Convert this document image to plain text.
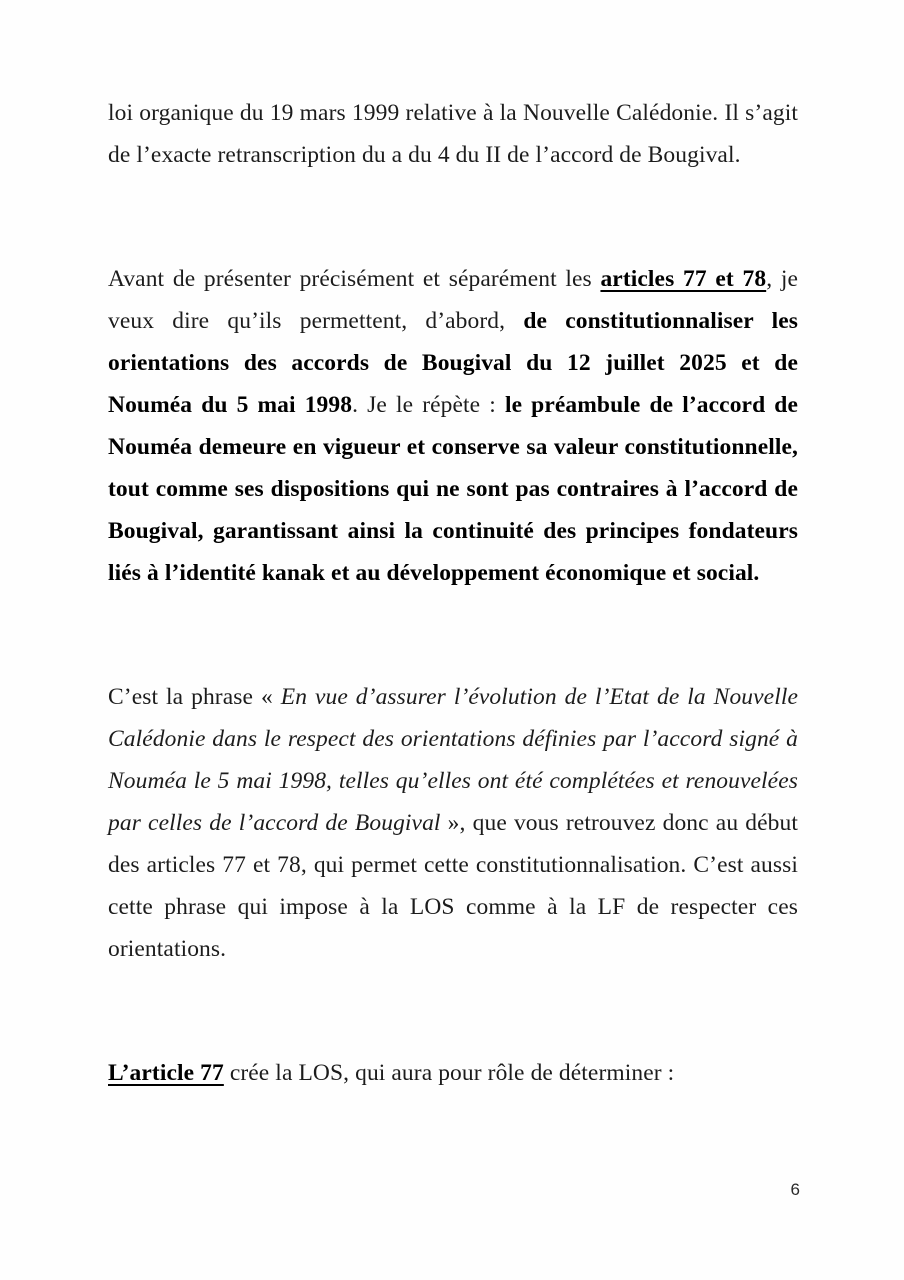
loi organique du 19 mars 1999 relative à la Nouvelle Calédonie. Il s’agit de l’exacte retranscription du a du 4 du II de l’accord de Bougival.

Avant de présenter précisément et séparément les articles 77 et 78, je veux dire qu’ils permettent, d’abord, de constitutionnaliser les orientations des accords de Bougival du 12 juillet 2025 et de Nouméa du 5 mai 1998. Je le répète : le préambule de l’accord de Nouméa demeure en vigueur et conserve sa valeur constitutionnelle, tout comme ses dispositions qui ne sont pas contraires à l’accord de Bougival, garantissant ainsi la continuité des principes fondateurs liés à l’identité kanak et au développement économique et social.

C’est la phrase « En vue d’assurer l’évolution de l’Etat de la Nouvelle Calédonie dans le respect des orientations définies par l’accord signé à Nouméa le 5 mai 1998, telles qu’elles ont été complétées et renouvelées par celles de l’accord de Bougival », que vous retrouvez donc au début des articles 77 et 78, qui permet cette constitutionnalisation. C’est aussi cette phrase qui impose à la LOS comme à la LF de respecter ces orientations.

L’article 77 crée la LOS, qui aura pour rôle de déterminer :

6
